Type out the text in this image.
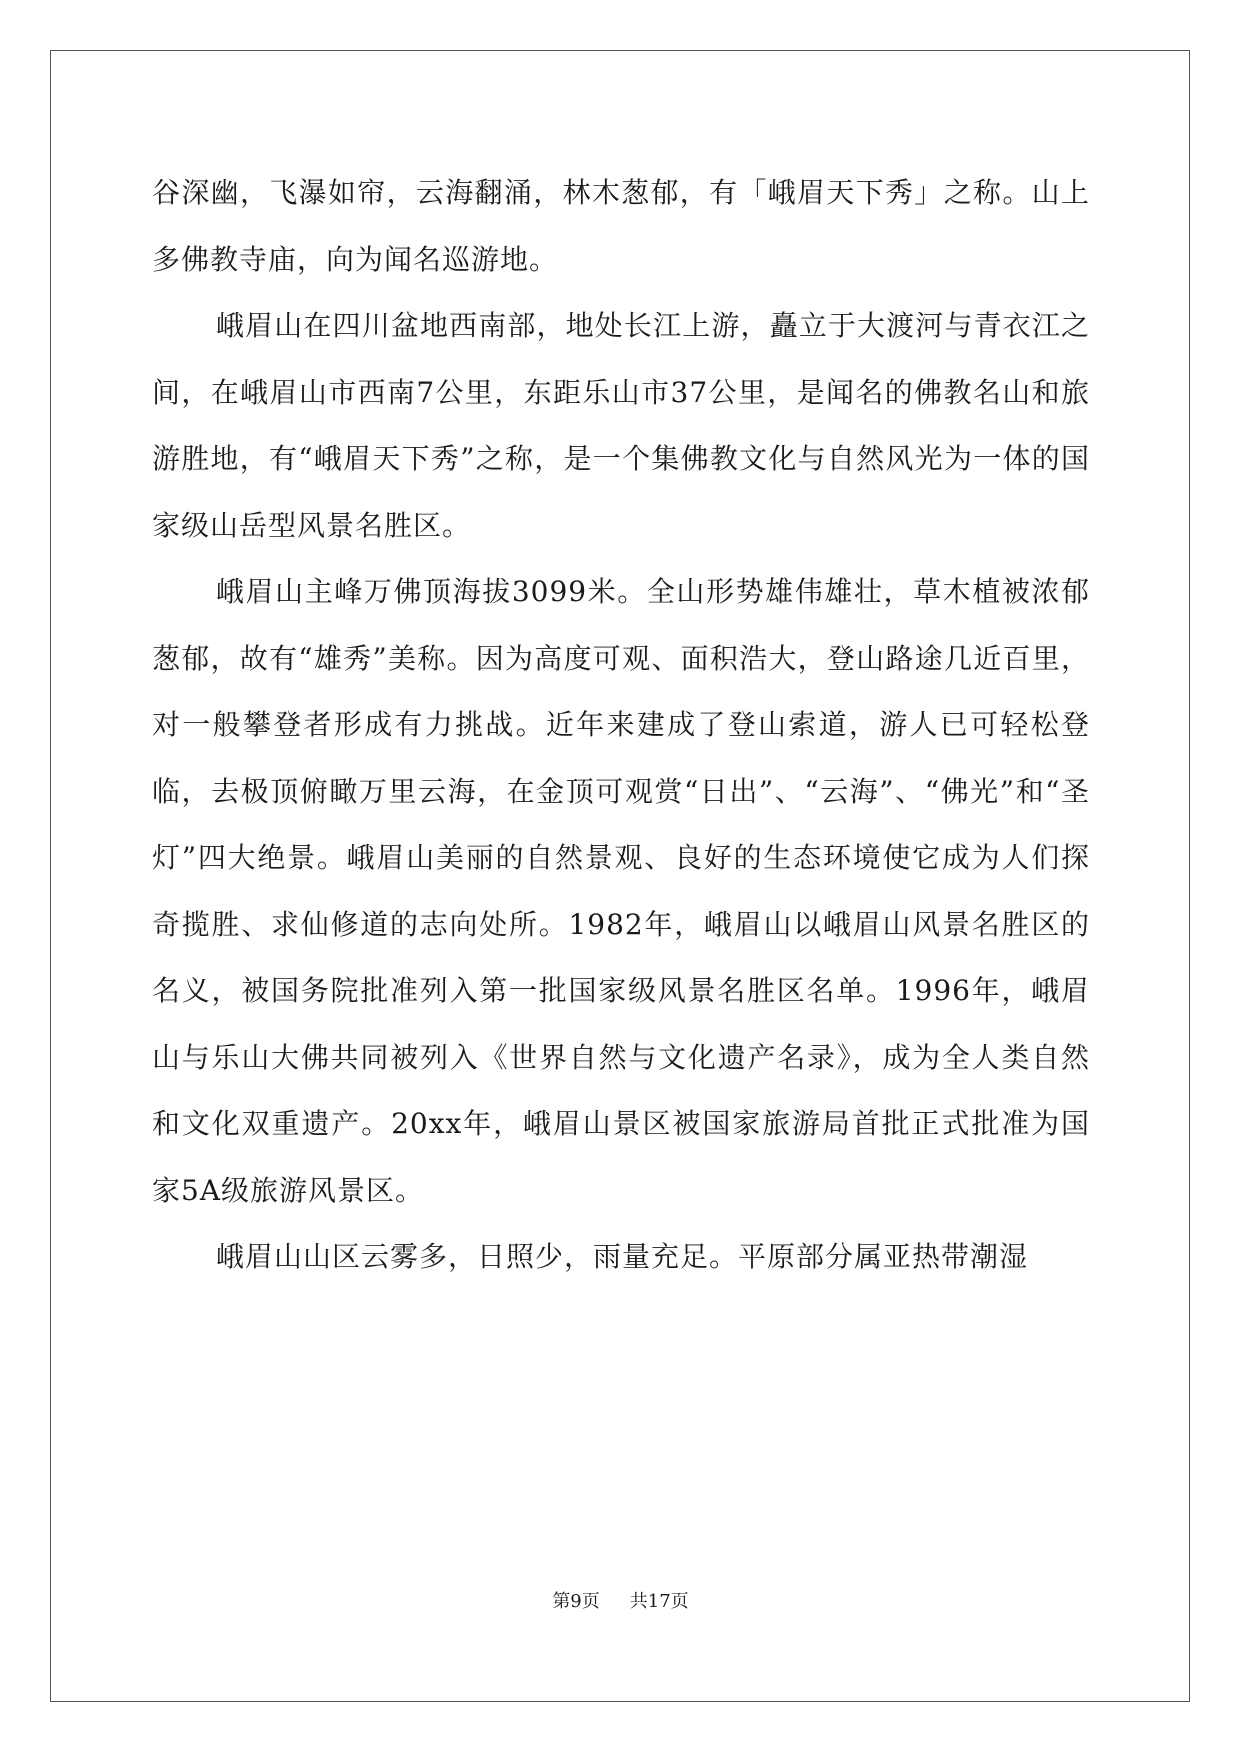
谷深幽，飞瀑如帘，云海翻涌，林木葱郁，有「峨眉天下秀」之称。山上多佛教寺庙，向为闻名巡游地。

峨眉山在四川盆地西南部，地处长江上游，矗立于大渡河与青衣江之间，在峨眉山市西南7公里，东距乐山市37公里，是闻名的佛教名山和旅游胜地，有“峨眉天下秀”之称，是一个集佛教文化与自然风光为一体的国家级山岳型风景名胜区。

峨眉山主峰万佛顶海拔3099米。全山形势雄伟雄壮，草木植被浓郁葱郁，故有“雄秀”美称。因为高度可观、面积浩大，登山路途几近百里，对一般攀登者形成有力挑战。近年来建成了登山索道，游人已可轻松登临，去极顶俯瞰万里云海，在金顶可观赏“日出”、“云海”、“佛光”和“圣灯”四大绝景。峨眉山美丽的自然景观、良好的生态环境使它成为人们探奇揽胜、求仙修道的志向处所。1982年，峨眉山以峨眉山风景名胜区的名义，被国务院批准列入第一批国家级风景名胜区名单。1996年，峨眉山与乐山大佛共同被列入《世界自然与文化遗产名录》，成为全人类自然和文化双重遗产。20xx年，峨眉山景区被国家旅游局首批正式批准为国家5A级旅游风景区。

峨眉山山区云雾多，日照少，雨量充足。平原部分属亚热带潮湿

第9页 共17页
